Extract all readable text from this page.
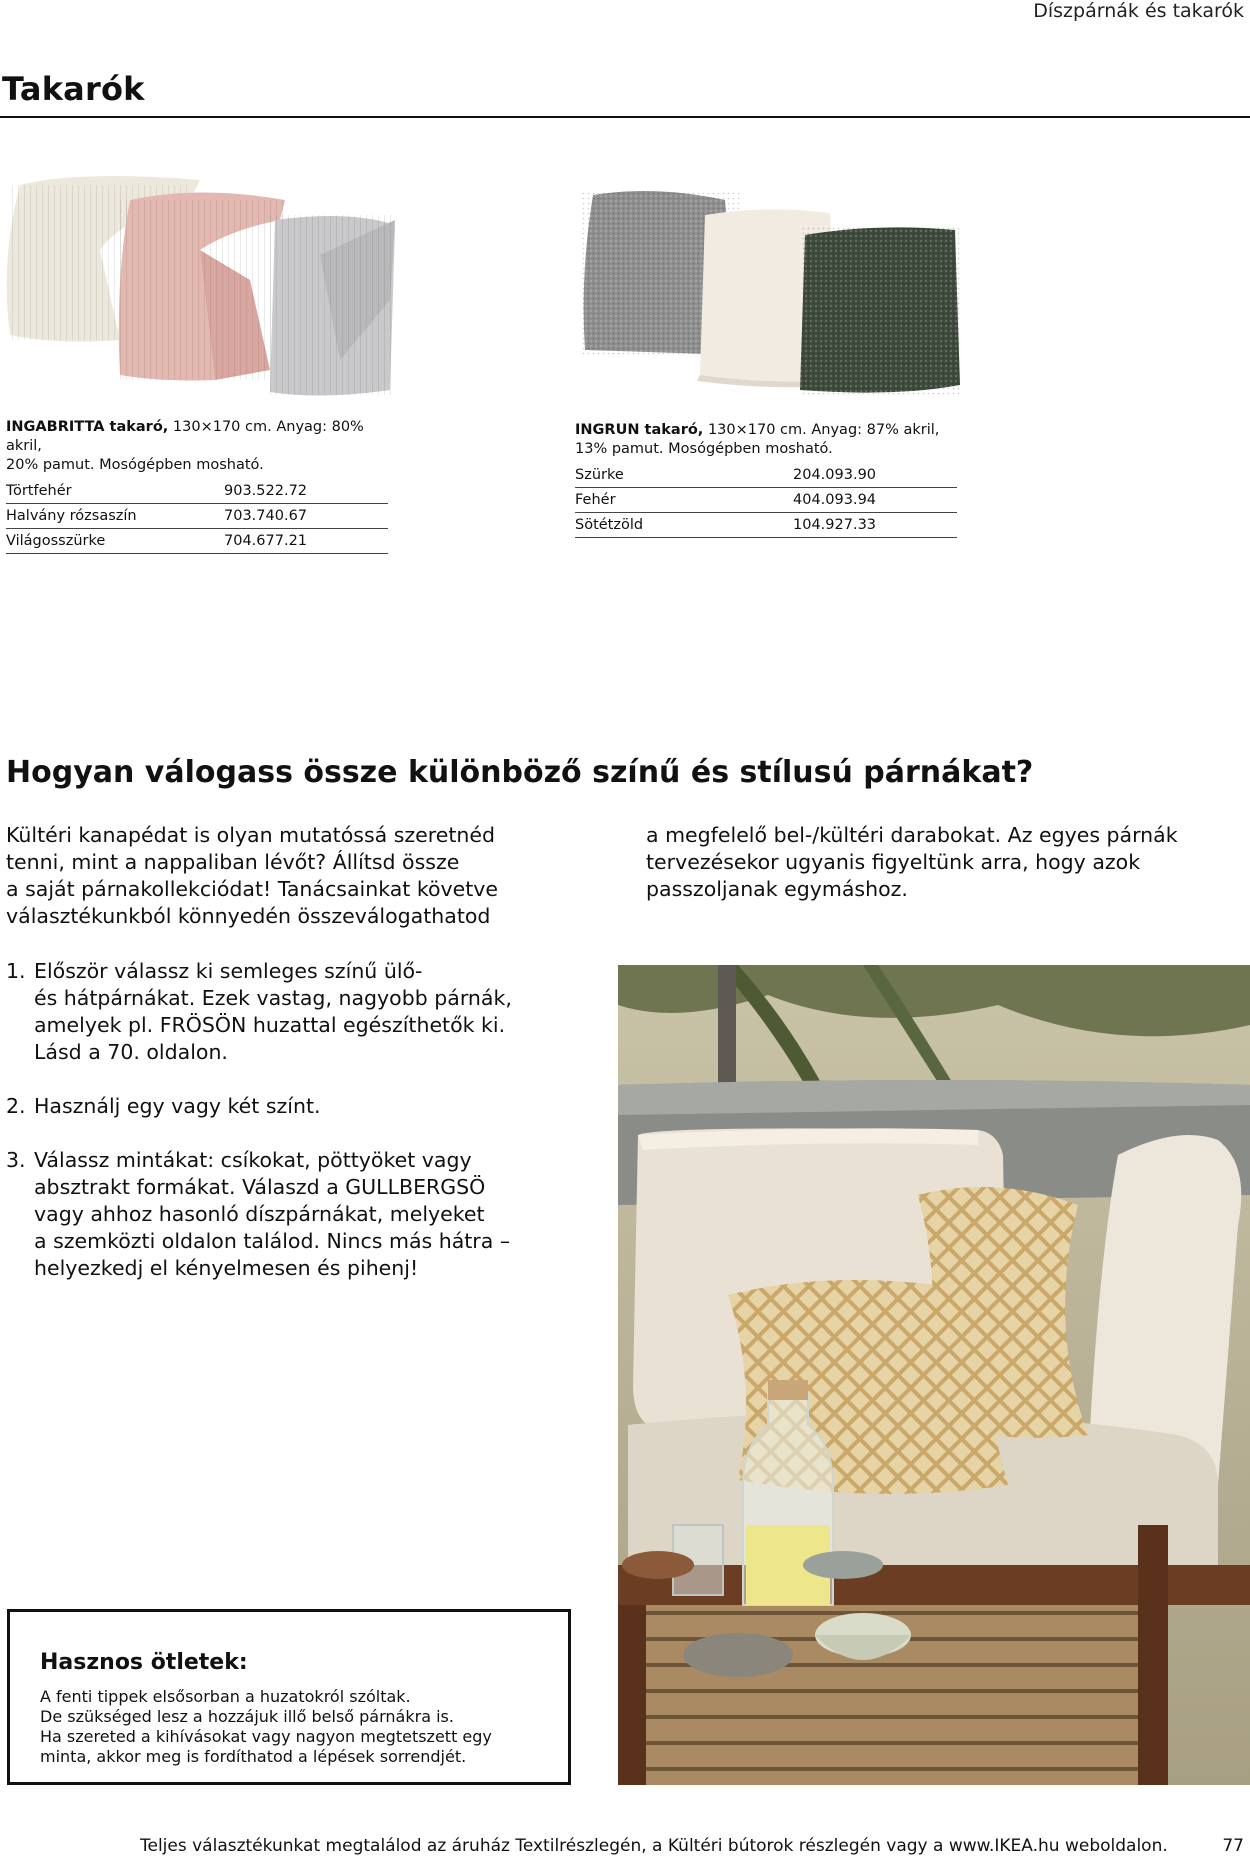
Díszpárnák és takarók
Takarók
INGABRITTA takaró, 130×170 cm. Anyag: 80% akril,
20% pamut. Mosógépben mosható.
Törtfehér	903.522.72
Halvány rózsaszín	703.740.67
Világosszürke	704.677.21
INGRUN takaró, 130×170 cm. Anyag: 87% akril,
13% pamut. Mosógépben mosható.
Szürke	204.093.90
Fehér	404.093.94
Sötétzöld	104.927.33
Hogyan válogass össze különböző színű és stílusú párnákat?
Kültéri kanapédat is olyan mutatóssá szeretnéd
tenni, mint a nappaliban lévőt? Állítsd össze
a saját párnakollekciódat! Tanácsainkat követve
választékunkból könnyedén összeválogathatod
a megfelelő bel-/kültéri darabokat. Az egyes párnák
tervezésekor ugyanis figyeltünk arra, hogy azok
passzoljanak egymáshoz.
1. Először válassz ki semleges színű ülő-
és hátpárnákat. Ezek vastag, nagyobb párnák,
amelyek pl. FRÖSÖN huzattal egészíthetők ki.
Lásd a 70. oldalon.
2. Használj egy vagy két színt.
3. Válassz mintákat: csíkokat, pöttyöket vagy
absztrakt formákat. Válaszd a GULLBERGSÖ
vagy ahhoz hasonló díszpárnákat, melyeket
a szemközti oldalon találod. Nincs más hátra –
helyezkedj el kényelmesen és pihenj!
Hasznos ötletek:
A fenti tippek elsősorban a huzatokról szóltak.
De szükséged lesz a hozzájuk illő belső párnákra is.
Ha szereted a kihívásokat vagy nagyon megtetszett egy
minta, akkor meg is fordíthatod a lépések sorrendjét.
Teljes választékunkat megtalálod az áruház Textilrészlegén, a Kültéri bútorok részlegén vagy a www.IKEA.hu weboldalon.	77
